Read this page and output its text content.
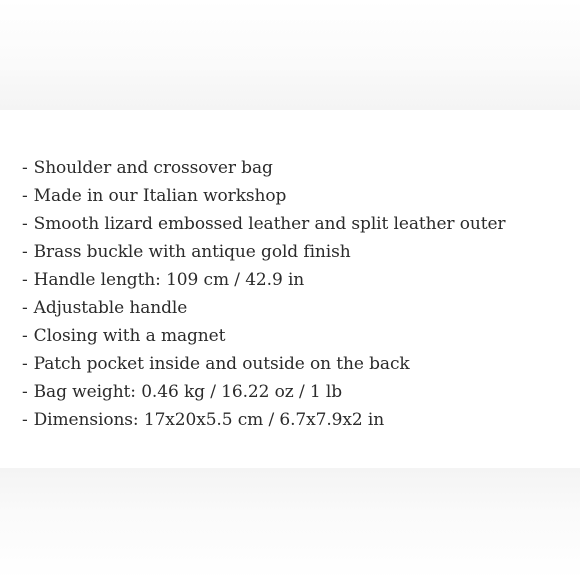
- Shoulder and crossover bag
- Made in our Italian workshop
- Smooth lizard embossed leather and split leather outer
- Brass buckle with antique gold finish
- Handle length: 109 cm / 42.9 in
- Adjustable handle
- Closing with a magnet
- Patch pocket inside and outside on the back
- Bag weight: 0.46 kg / 16.22 oz / 1 lb
- Dimensions: 17x20x5.5 cm / 6.7x7.9x2 in
